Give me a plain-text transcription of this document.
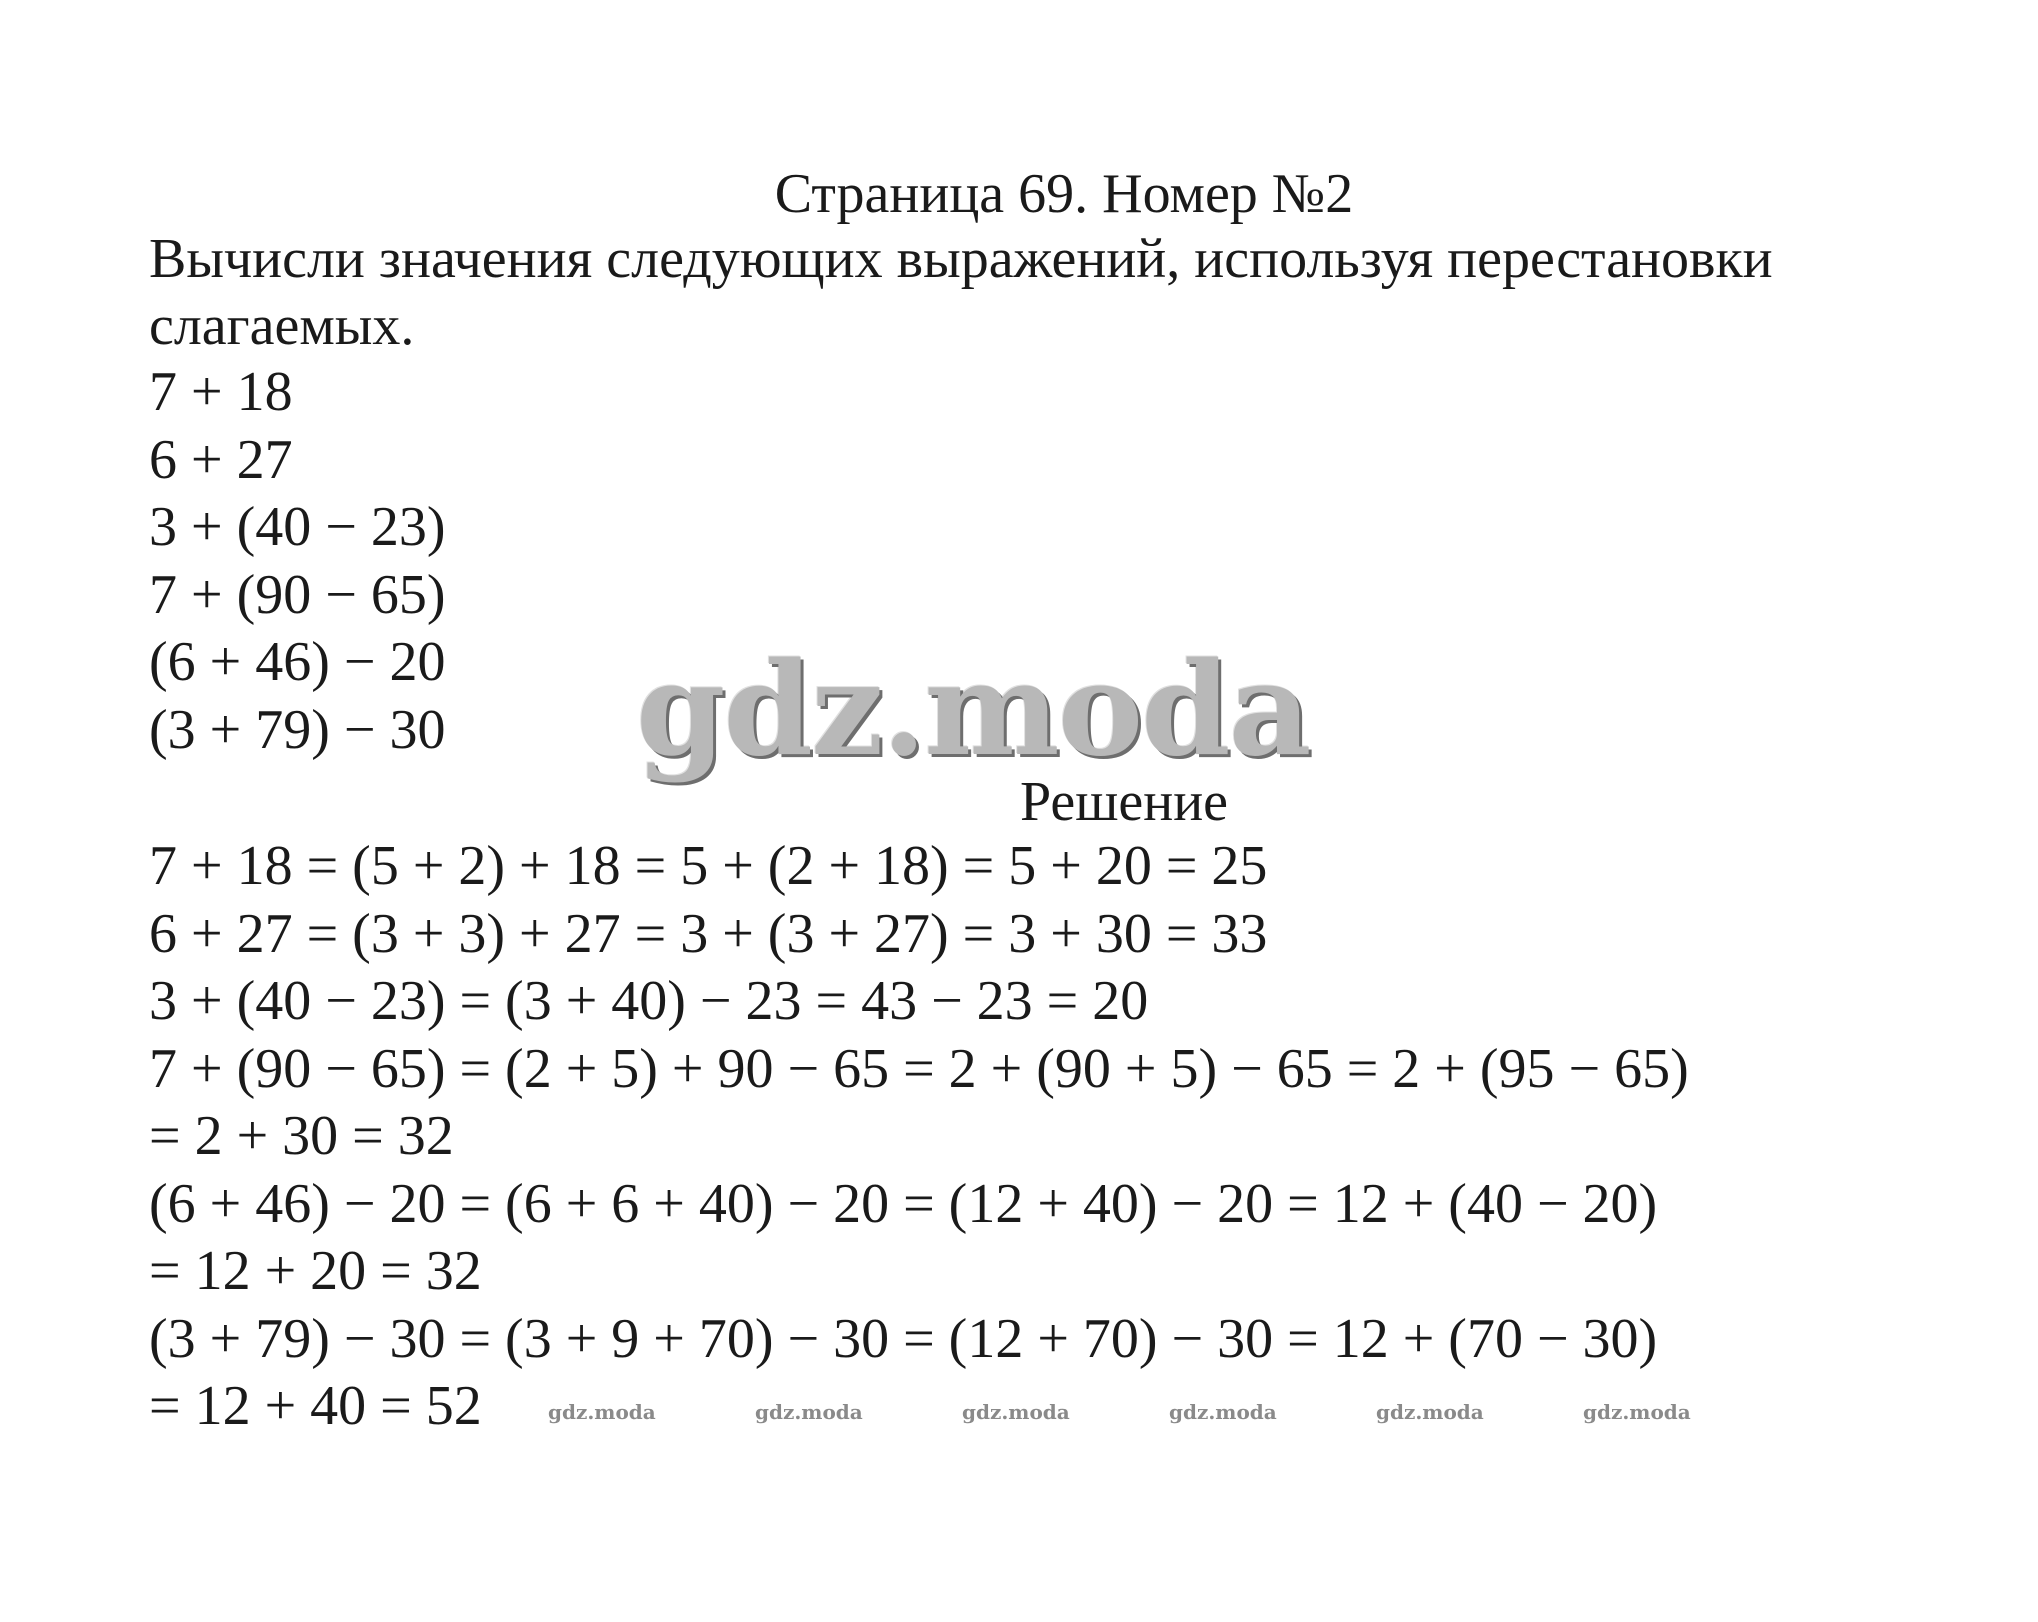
Страница 69. Номер №2
Вычисли значения следующих выражений, используя перестановки слагаемых.
7 + 18
6 + 27
3 + (40 − 23)
7 + (90 − 65)
(6 + 46) − 20
(3 + 79) − 30 gdz.moda
Решение
7 + 18 = (5 + 2) + 18 = 5 + (2 + 18) = 5 + 20 = 25
6 + 27 = (3 + 3) + 27 = 3 + (3 + 27) = 3 + 30 = 33
3 + (40 − 23) = (3 + 40) − 23 = 43 − 23 = 20
7 + (90 − 65) = (2 + 5) + 90 − 65 = 2 + (90 + 5) − 65 = 2 + (95 − 65)
= 2 + 30 = 32
(6 + 46) − 20 = (6 + 6 + 40) − 20 = (12 + 40) − 20 = 12 + (40 − 20)
= 12 + 20 = 32
(3 + 79) − 30 = (3 + 9 + 70) − 30 = (12 + 70) − 30 = 12 + (70 − 30)
= 12 + 40 = 52	gdz.moda	gdz.moda	gdz.moda	gdz.moda	gdz.moda	gdz.moda
